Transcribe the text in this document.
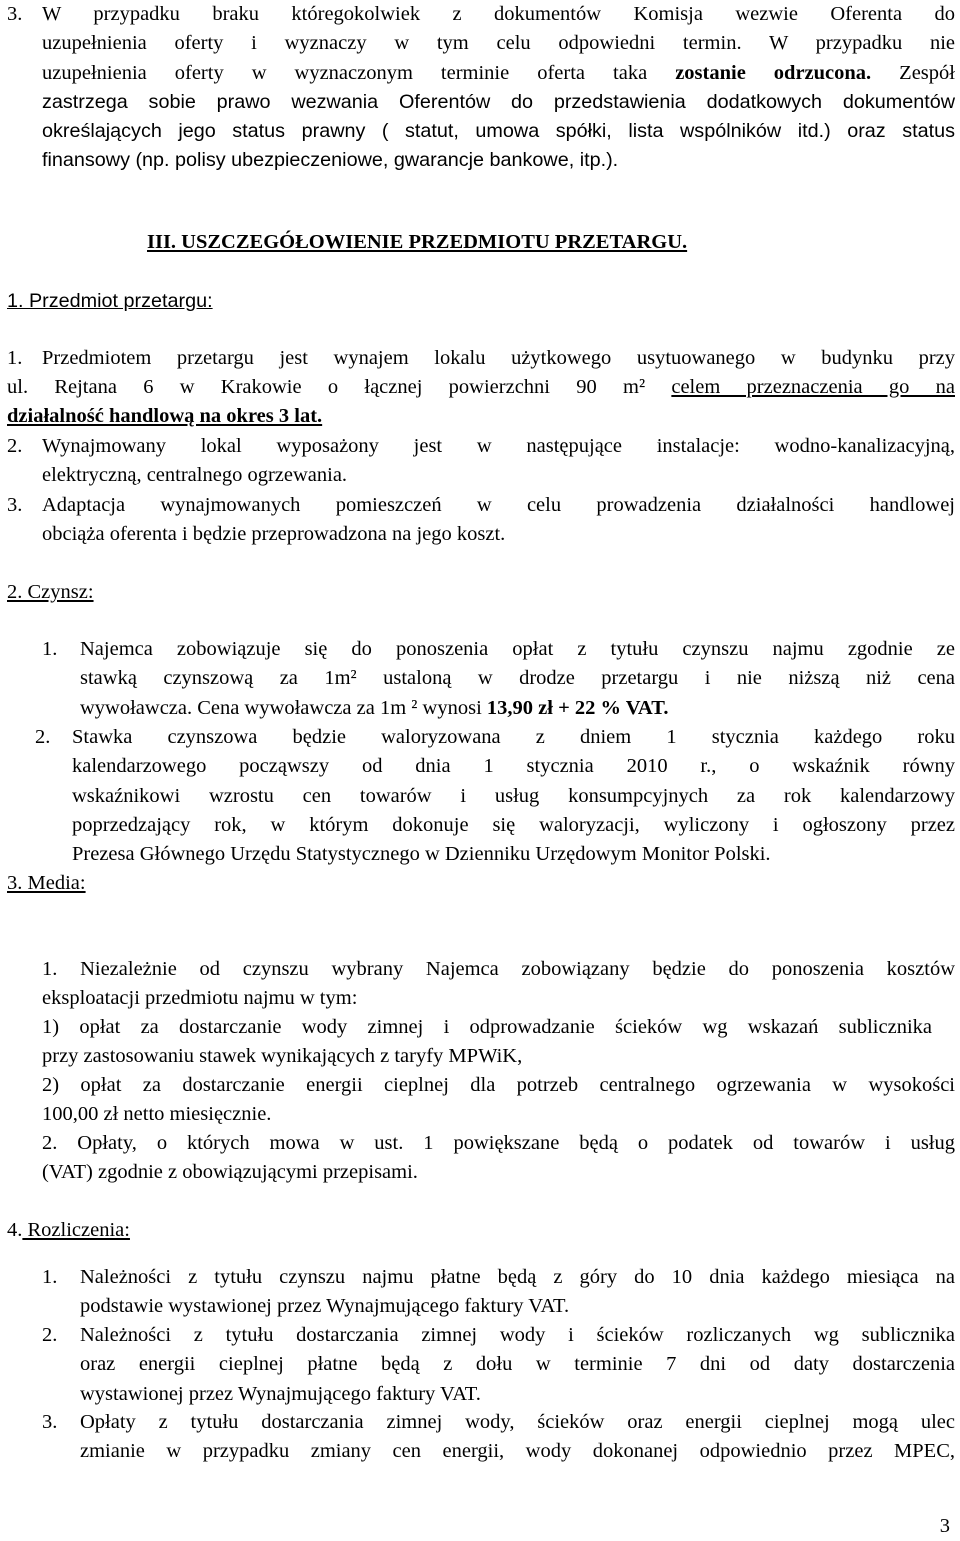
3. W przypadku braku któregokolwiek z dokumentów Komisja wezwie Oferenta do
uzupełnienia oferty i wyznaczy w tym celu odpowiedni termin. W przypadku nie
uzupełnienia oferty w wyznaczonym terminie oferta taka zostanie odrzucona. Zespół
zastrzega sobie prawo wezwania Oferentów do przedstawienia dodatkowych dokumentów
określających jego status prawny ( statut, umowa spółki, lista wspólników itd.) oraz status
finansowy (np. polisy ubezpieczeniowe, gwarancje bankowe, itp.).
III. USZCZEGÓŁOWIENIE PRZEDMIOTU PRZETARGU.
1. Przedmiot przetargu:
1. Przedmiotem przetargu jest wynajem lokalu użytkowego usytuowanego w budynku przy
ul. Rejtana 6 w Krakowie o łącznej powierzchni 90 m² celem przeznaczenia go na
działalność handlową na okres 3 lat.
2. Wynajmowany lokal wyposażony jest w następujące instalacje: wodno-kanalizacyjną,
elektryczną, centralnego ogrzewania.
3. Adaptacja wynajmowanych pomieszczeń w celu prowadzenia działalności handlowej
obciąża oferenta i będzie przeprowadzona na jego koszt.
2. Czynsz:
1. Najemca zobowiązuje się do ponoszenia opłat z tytułu czynszu najmu zgodnie ze
stawką czynszową za 1m² ustaloną w drodze przetargu i nie niższą niż cena
wywoławcza. Cena wywoławcza za 1m ² wynosi 13,90 zł + 22 % VAT.
2. Stawka czynszowa będzie waloryzowana z dniem 1 stycznia każdego roku
kalendarzowego począwszy od dnia 1 stycznia 2010 r., o wskaźnik równy
wskaźnikowi wzrostu cen towarów i usług konsumpcyjnych za rok kalendarzowy
poprzedzający rok, w którym dokonuje się waloryzacji, wyliczony i ogłoszony przez
Prezesa Głównego Urzędu Statystycznego w Dzienniku Urzędowym Monitor Polski.
3. Media:
1. Niezależnie od czynszu wybrany Najemca zobowiązany będzie do ponoszenia kosztów
eksploatacji przedmiotu najmu w tym:
1) opłat za dostarczanie wody zimnej i odprowadzanie ścieków wg wskazań sublicznika
przy zastosowaniu stawek wynikających z taryfy MPWiK,
2) opłat za dostarczanie energii cieplnej dla potrzeb centralnego ogrzewania w wysokości
100,00 zł netto miesięcznie.
2. Opłaty, o których mowa w ust. 1 powiększane będą o podatek od towarów i usług
(VAT) zgodnie z obowiązującymi przepisami.
4. Rozliczenia:
1. Należności z tytułu czynszu najmu płatne będą z góry do 10 dnia każdego miesiąca na
podstawie wystawionej przez Wynajmującego faktury VAT.
2. Należności z tytułu dostarczania zimnej wody i ścieków rozliczanych wg sublicznika
oraz energii cieplnej płatne będą z dołu w terminie 7 dni od daty dostarczenia
wystawionej przez Wynajmującego faktury VAT.
3. Opłaty z tytułu dostarczania zimnej wody, ścieków oraz energii cieplnej mogą ulec
zmianie w przypadku zmiany cen energii, wody dokonanej odpowiednio przez MPEC,
3
